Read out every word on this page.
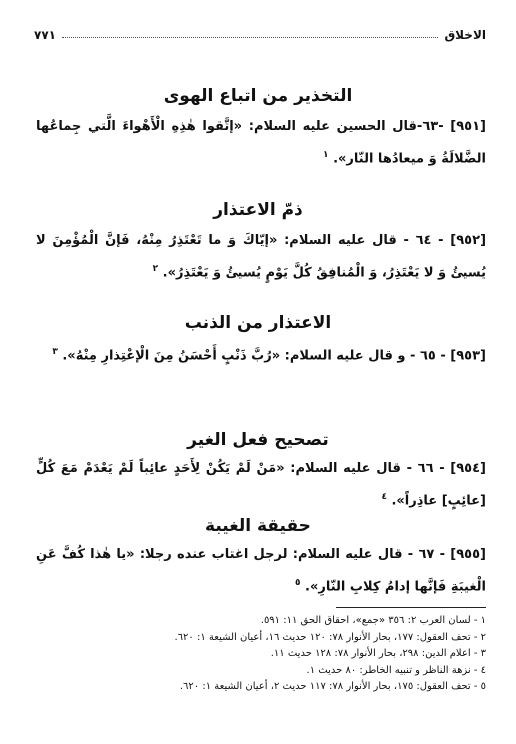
الاخلاق
٧٧١
التخذير من اتباع الهوى

[٩٥١] -٦٣-قال الحسين عليه السلام: «إتَّقوا هٰذِهِ الْأَهْواءَ الَّتي جِماعُها الضَّلالَةُ وَ ميعادُها النّار». $^١$

ذمّ الاعتذار

[٩٥٢] - ٦٤ - قال عليه السلام: «إيّاكَ وَ ما تَعْتَذِرُ مِنْهُ، فَإنَّ الْمُؤْمِنَ لا يُسيئُ وَ لا يَعْتَذِرُ، وَ الْمُنافِقُ كُلَّ يَوْمٍ يُسيئُ وَ يَعْتَذِرُ». $^٢$

الاعتذار من الذنب

[٩٥٣] - ٦٥ - و قال عليه السلام: «رُبَّ ذَنْبٍ أَحْسَنُ مِنَ الْإعْتِذارِ مِنْهُ». $^٣$

تصحيح فعل الغير

[٩٥٤] - ٦٦ - قال عليه السلام: «مَنْ لَمْ يَكُنْ لِأَحَدٍ عائِباً لَمْ يَعْدَمْ مَعَ كُلٍّ [عائِبٍ] عاذِراً». $^٤$

حقيقة الغيبة

[٩٥٥] - ٦٧ - قال عليه السلام: لرجل اغتاب عنده رجلا: «يا هٰذا كُفَّ عَنِ الْغيبَةِ فَإنَّها إدامُ كِلابِ النّارِ». $^٥$

١ - لسان العرب ٢: ٣٥٦ «جمع»، احقاق الحق ١١: ٥٩١.
٢ - تحف العقول: ١٧٧، بحار الأنوار ٧٨: ١٢٠ حديث ١٦، أعيان الشيعة ١: ٦٢٠.
٣ - اعلام الدين: ٢٩٨، بحار الأنوار ٧٨: ١٢٨ حديث ١١.
٤ - نزهة الناظر و تنبيه الخاطر: ٨٠ حديث ١.
٥ - تحف العقول: ١٧٥، بحار الأنوار ٧٨: ١١٧ حديث ٢، أعيان الشيعة ١: ٦٢٠.
